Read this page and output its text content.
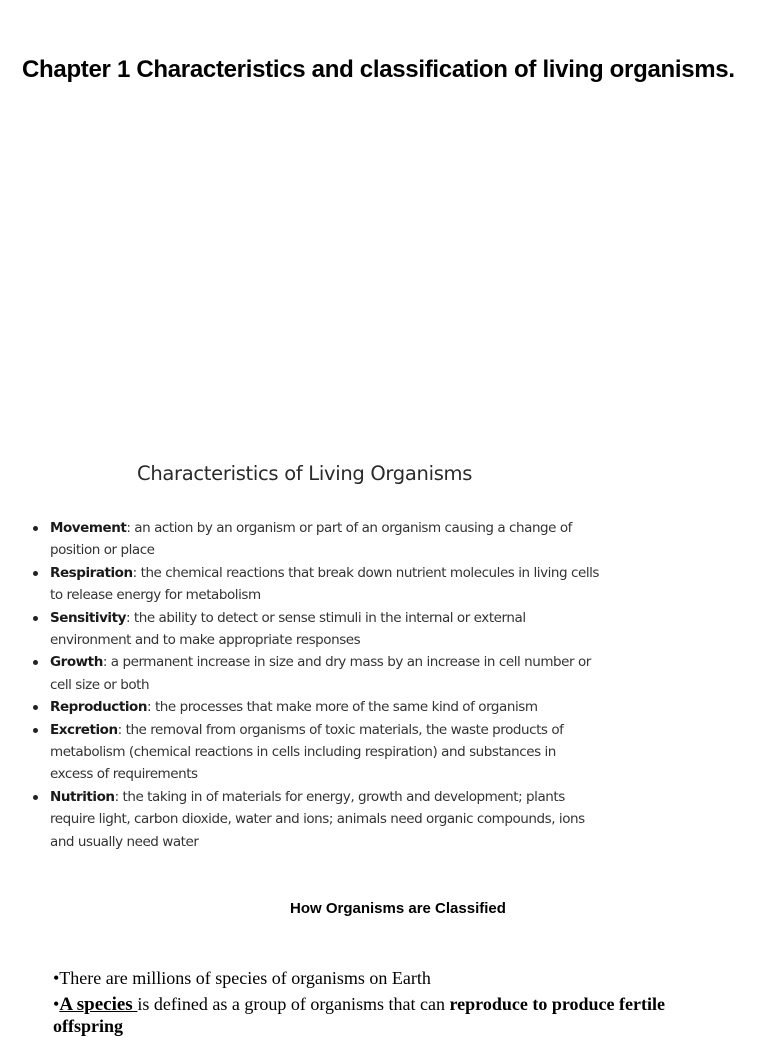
Chapter 1 Characteristics and classification of living organisms.
Characteristics of Living Organisms
Movement: an action by an organism or part of an organism causing a change of
position or place
Respiration: the chemical reactions that break down nutrient molecules in living cells
to release energy for metabolism
Sensitivity: the ability to detect or sense stimuli in the internal or external
environment and to make appropriate responses
Growth: a permanent increase in size and dry mass by an increase in cell number or
cell size or both
Reproduction: the processes that make more of the same kind of organism
Excretion: the removal from organisms of toxic materials, the waste products of
metabolism (chemical reactions in cells including respiration) and substances in
excess of requirements
Nutrition: the taking in of materials for energy, growth and development; plants
require light, carbon dioxide, water and ions; animals need organic compounds, ions
and usually need water
How Organisms are Classified
•There are millions of species of organisms on Earth
•A species is defined as a group of organisms that can reproduce to produce fertile
offspring
